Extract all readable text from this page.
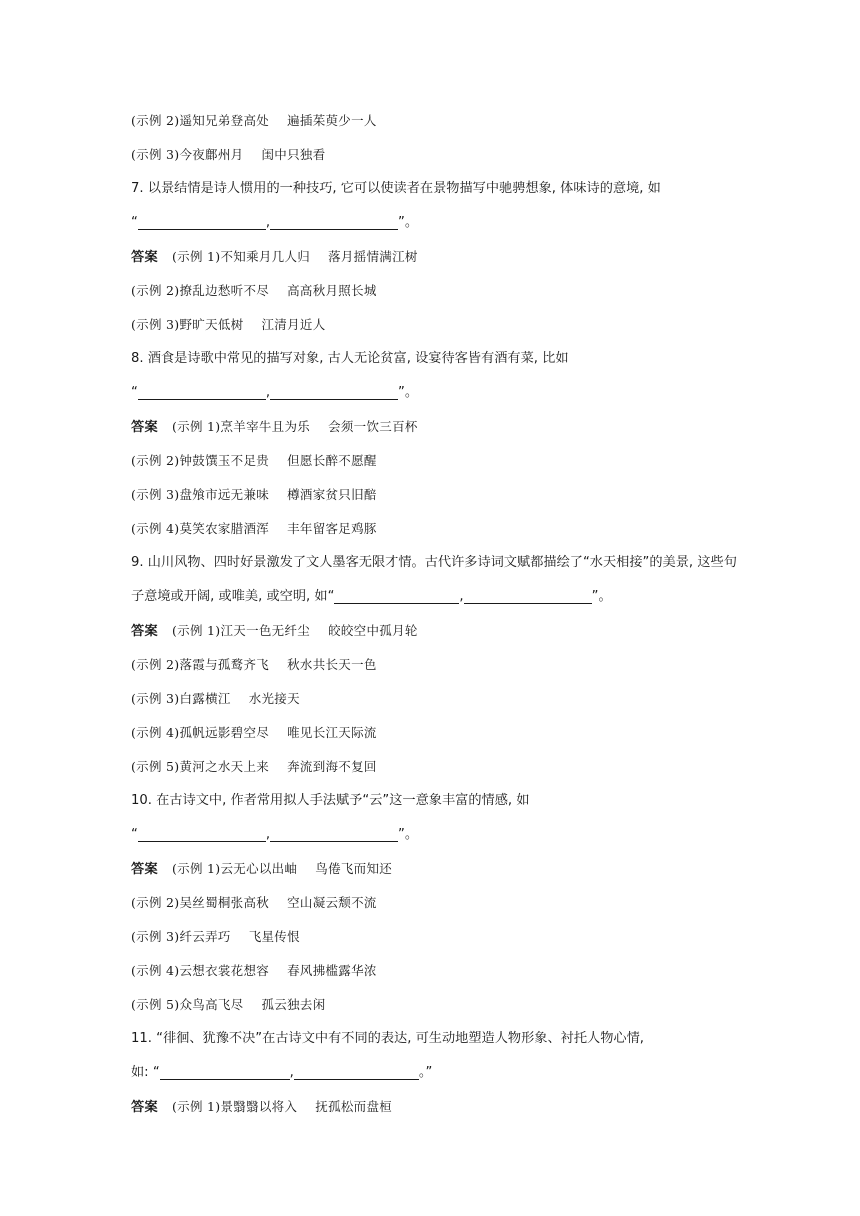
(示例 2)遥知兄弟登高处 遍插茱萸少一人
(示例 3)今夜鄜州月 闺中只独看
7. 以景结情是诗人惯用的一种技巧, 它可以使读者在景物描写中驰骋想象, 体味诗的意境, 如
“	,	”。
答案 (示例 1)不知乘月几人归 落月摇情满江树
(示例 2)撩乱边愁听不尽 高高秋月照长城
(示例 3)野旷天低树 江清月近人
8. 酒食是诗歌中常见的描写对象, 古人无论贫富, 设宴待客皆有酒有菜, 比如
“	,	”。
答案 (示例 1)烹羊宰牛且为乐 会须一饮三百杯
(示例 2)钟鼓馔玉不足贵 但愿长醉不愿醒
(示例 3)盘飧市远无兼味 樽酒家贫只旧醅
(示例 4)莫笑农家腊酒浑 丰年留客足鸡豚
9. 山川风物、四时好景激发了文人墨客无限才情。古代许多诗词文赋都描绘了“水天相接”的美景, 这些句
子意境或开阔, 或唯美, 或空明, 如“	,	”。
答案 (示例 1)江天一色无纤尘 皎皎空中孤月轮
(示例 2)落霞与孤鹜齐飞 秋水共长天一色
(示例 3)白露横江 水光接天
(示例 4)孤帆远影碧空尽 唯见长江天际流
(示例 5)黄河之水天上来 奔流到海不复回
10. 在古诗文中, 作者常用拟人手法赋予“云”这一意象丰富的情感, 如
“	,	”。
答案 (示例 1)云无心以出岫 鸟倦飞而知还
(示例 2)吴丝蜀桐张高秋 空山凝云颓不流
(示例 3)纤云弄巧 飞星传恨
(示例 4)云想衣裳花想容 春风拂槛露华浓
(示例 5)众鸟高飞尽 孤云独去闲
11. “徘徊、犹豫不决”在古诗文中有不同的表达, 可生动地塑造人物形象、衬托人物心情,
如: “	,	。”
答案 (示例 1)景翳翳以将入 抚孤松而盘桓
